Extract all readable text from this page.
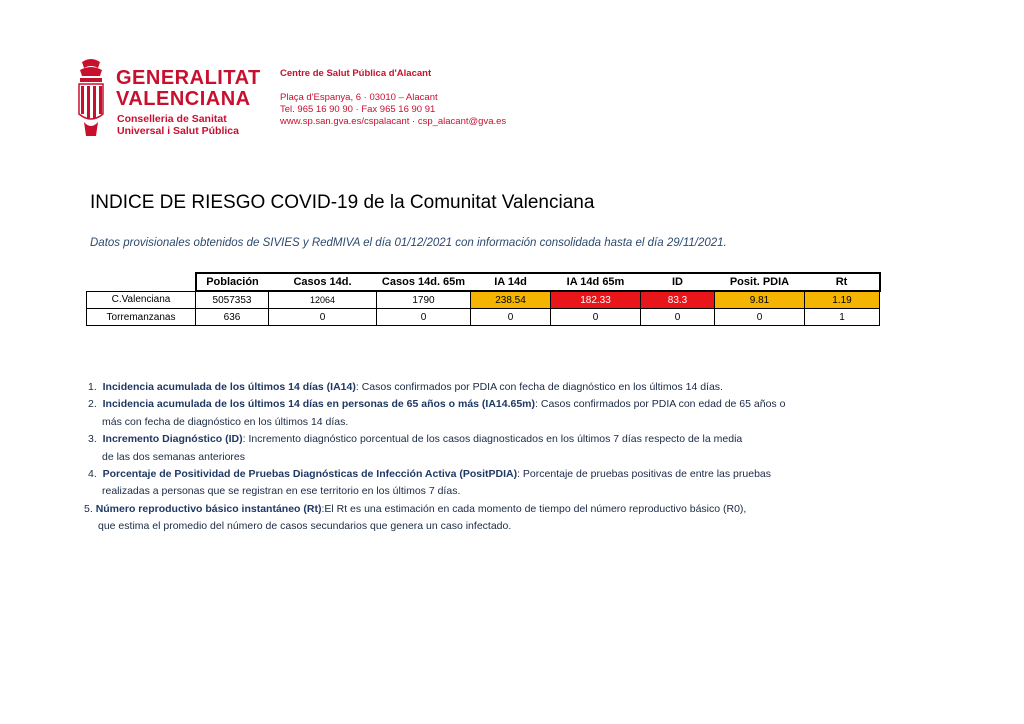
GENERALITAT
VALENCIANA
Conselleria de Sanitat
Universal i Salut Pública
Centre de Salut Pública d'Alacant
Plaça d'Espanya, 6 · 03010 – Alacant
Tel. 965 16 90 90 · Fax 965 16 90 91
www.sp.san.gva.es/cspalacant · csp_alacant@gva.es
INDICE DE RIESGO COVID-19 de la Comunitat Valenciana
Datos provisionales obtenidos de SIVIES y RedMIVA el día 01/12/2021 con información consolidada hasta el día 29/11/2021.
	Población	Casos 14d.	Casos 14d. 65m	IA 14d	IA 14d 65m	ID	Posit. PDIA	Rt
C.Valenciana	5057353	12064	1790	238.54	182.33	83.3	9.81	1.19
Torremanzanas	636	0	0	0	0	0	0	1

1. Incidencia acumulada de los últimos 14 días (IA14): Casos confirmados por PDIA con fecha de diagnóstico en los últimos 14 días.

2. Incidencia acumulada de los últimos 14 días en personas de 65 años o más (IA14.65m): Casos confirmados por PDIA con edad de 65 años o

más con fecha de diagnóstico en los últimos 14 días.

3. Incremento Diagnóstico (ID): Incremento diagnóstico porcentual de los casos diagnosticados en los últimos 7 días respecto de la media

de las dos semanas anteriores

4. Porcentaje de Positividad de Pruebas Diagnósticas de Infección Activa (PositPDIA): Porcentaje de pruebas positivas de entre las pruebas

realizadas a personas que se registran en ese territorio en los últimos 7 días.

5. Número reproductivo básico instantáneo (Rt):El Rt es una estimación en cada momento de tiempo del número reproductivo básico (R0),

que estima el promedio del número de casos secundarios que genera un caso infectado.
